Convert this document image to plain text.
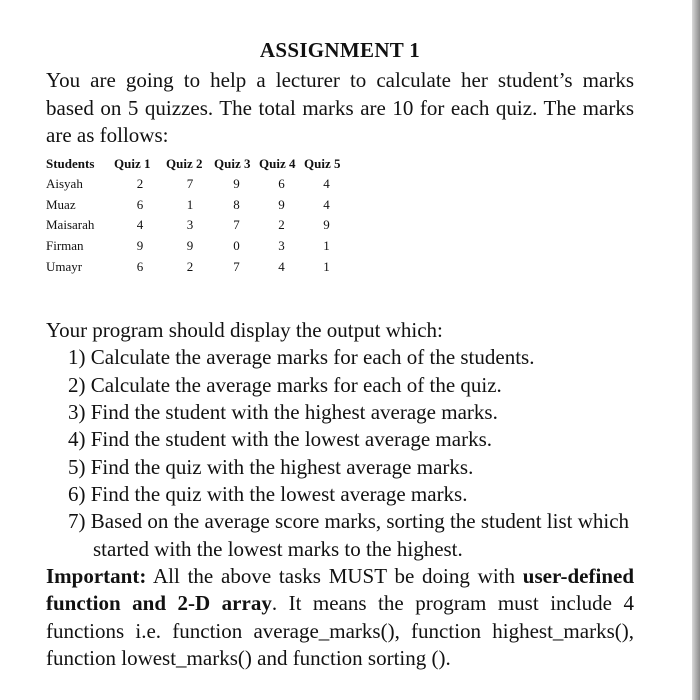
ASSIGNMENT 1

You are going to help a lecturer to calculate her student’s marks based on 5 quizzes. The total marks are 10 for each quiz. The marks are as follows:

Students	Quiz 1	Quiz 2	Quiz 3	Quiz 4	Quiz 5
Aisyah	2	7	9	6	4
Muaz	6	1	8	9	4
Maisarah	4	3	7	2	9
Firman	9	9	0	3	1
Umayr	6	2	7	4	1

Your program should display the output which:

1) Calculate the average marks for each of the students.
2) Calculate the average marks for each of the quiz.
3) Find the student with the highest average marks.
4) Find the student with the lowest average marks.
5) Find the quiz with the highest average marks.
6) Find the quiz with the lowest average marks.
7) Based on the average score marks, sorting the student list which started with the lowest marks to the highest.

Important: All the above tasks MUST be doing with user-defined function and 2-D array. It means the program must include 4 functions i.e. function average_marks(), function highest_marks(), function lowest_marks() and function sorting ().
